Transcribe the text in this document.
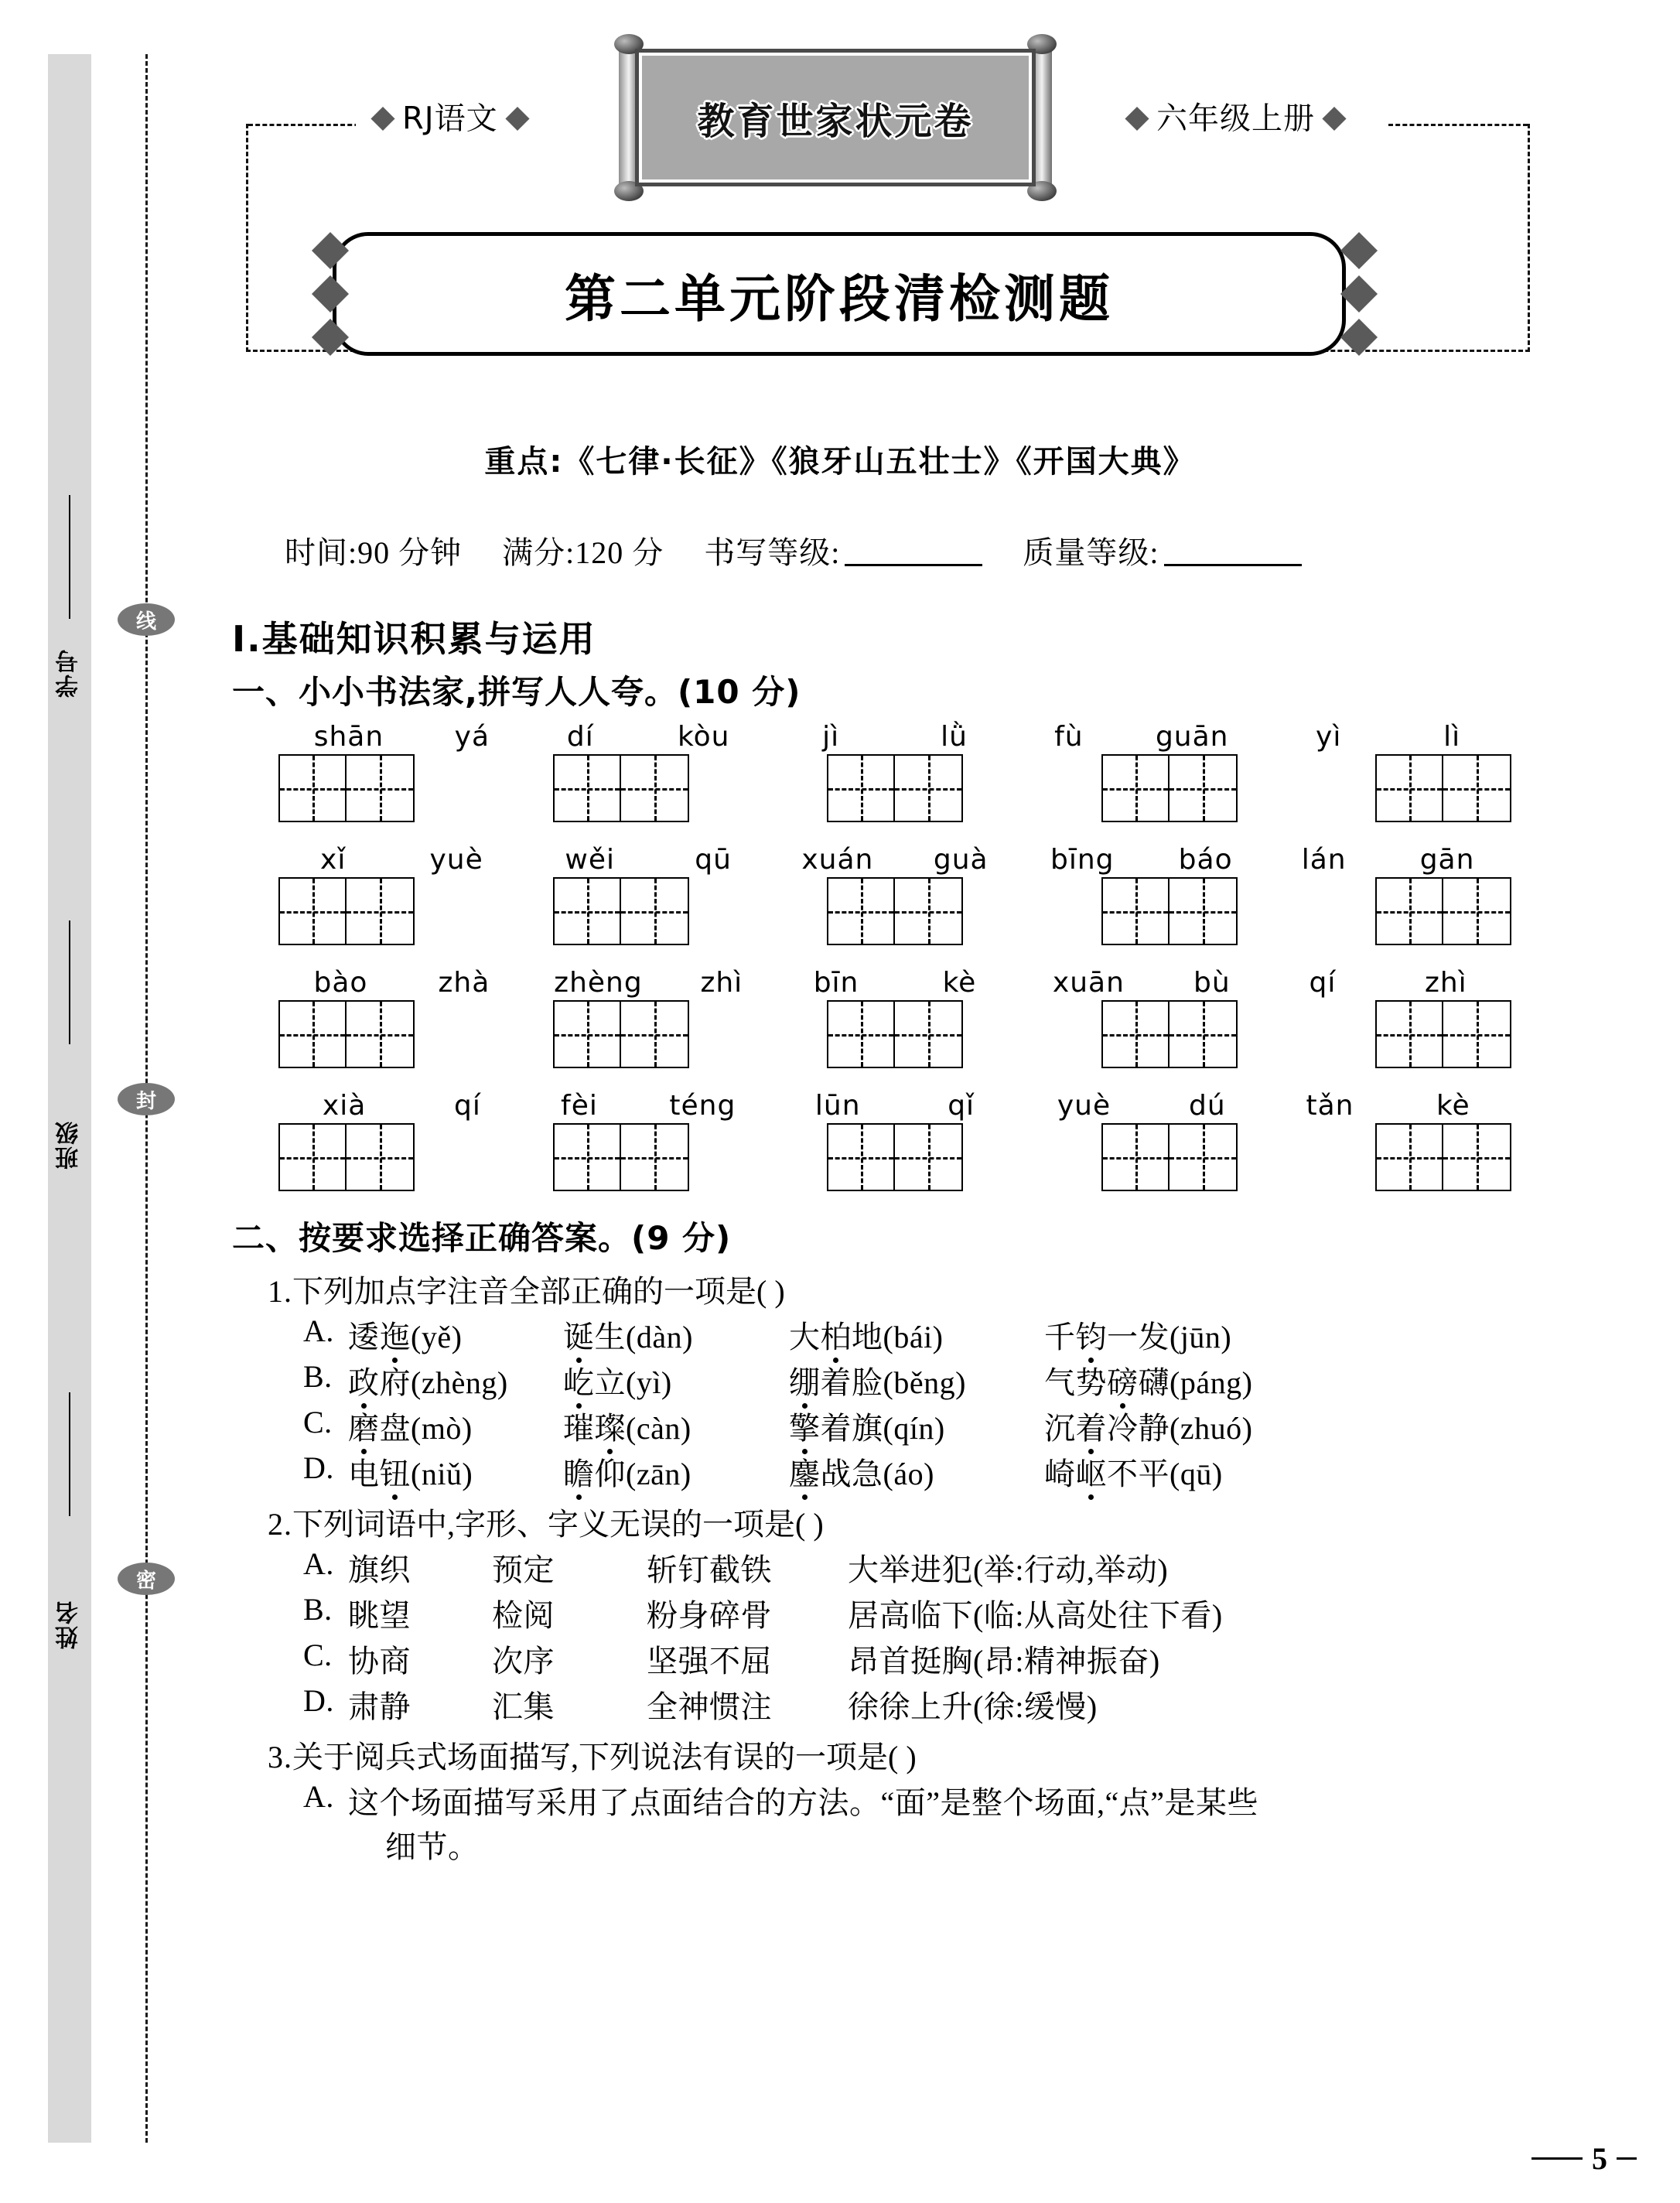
学号
班级
姓名
线
封
密
RJ语文	六年级上册
教育世家状元卷
第二单元阶段清检测题
重点:《七律·长征》《狼牙山五壮士》《开国大典》
时间:90 分钟 满分:120 分 书写等级:	质量等级:
Ⅰ.基础知识积累与运用
一、小小书法家,拼写人人夸。(10 分)
shān	yá	dí	kòu	jì	lǜ	fù	guān	yì	lì
xǐ	yuè	wěi	qū	xuán guà bīng báo lán	gān
bào	zhà zhèng zhì	bīn	kè	xuān bù	qí	zhì
xià	qí	fèi	téng	lūn	qǐ	yuè	dú	tǎn	kè
二、按要求选择正确答案。(9 分)
1.下列加点字注音全部正确的一项是( )
A. 逶迤(yě)	诞生(dàn)	大柏地(bái)	千钧一发(jūn)
B. 政府(zhèng)	屹立(yì)	绷着脸(běng)	气势磅礴(páng)
C. 磨盘(mò)	璀璨(càn)	擎着旗(qín)	沉着冷静(zhuó)
D. 电钮(niǔ)	瞻仰(zān)	鏖战急(áo)	崎岖不平(qū)
2.下列词语中,字形、字义无误的一项是( )
A. 旗织	预定	斩钉截铁	大举进犯(举:行动,举动)
B. 眺望	检阅	粉身碎骨	居高临下(临:从高处往下看)
C. 协商	次序	坚强不屈	昂首挺胸(昂:精神振奋)
D. 肃静	汇集	全神惯注	徐徐上升(徐:缓慢)
3.关于阅兵式场面描写,下列说法有误的一项是( )
A. 这个场面描写采用了点面结合的方法。“面”是整个场面,“点”是某些
细节。
5
